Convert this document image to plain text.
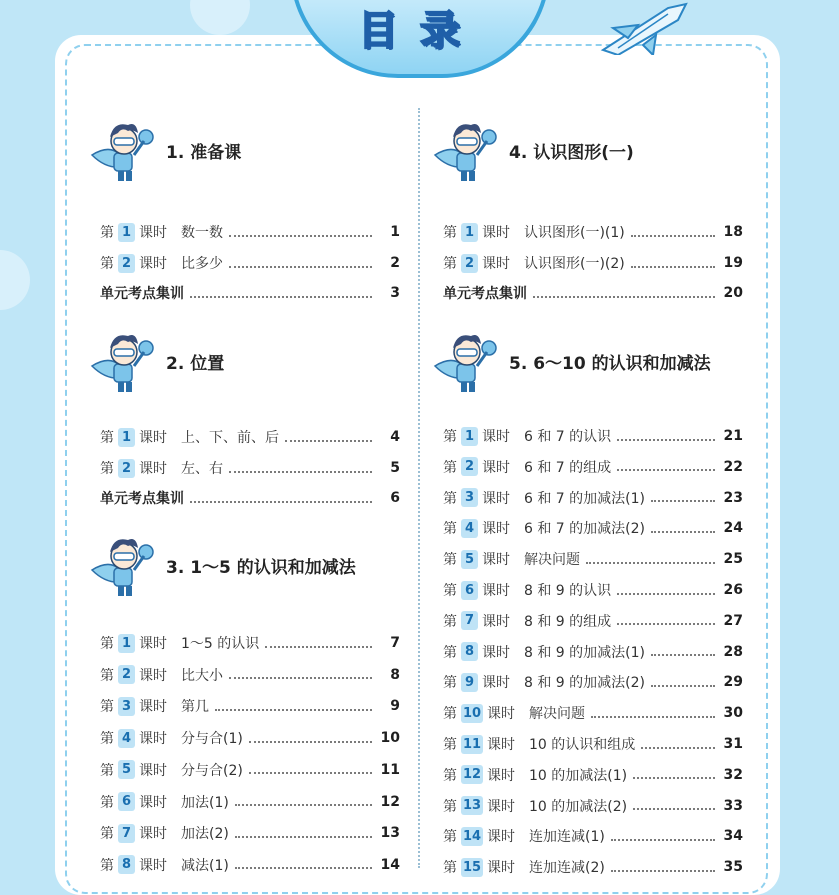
目录
1. 准备课
第 1 课时 数一数	1
第 2 课时 比多少	2
单元考点集训	3
2. 位置
第 1 课时 上、下、前、后	4
第 2 课时 左、右	5
单元考点集训	6
3. 1～5 的认识和加减法
第 1 课时 1～5 的认识	7
第 2 课时 比大小	8
第 3 课时 第几	9
第 4 课时 分与合(1)	10
第 5 课时 分与合(2)	11
第 6 课时 加法(1)	12
第 7 课时 加法(2)	13
第 8 课时 减法(1)	14
4. 认识图形(一)
第 1 课时 认识图形(一)(1)	18
第 2 课时 认识图形(一)(2)	19
单元考点集训	20
5. 6～10 的认识和加减法
第 1 课时 6 和 7 的认识	21
第 2 课时 6 和 7 的组成	22
第 3 课时 6 和 7 的加减法(1)	23
第 4 课时 6 和 7 的加减法(2)	24
第 5 课时 解决问题	25
第 6 课时 8 和 9 的认识	26
第 7 课时 8 和 9 的组成	27
第 8 课时 8 和 9 的加减法(1)	28
第 9 课时 8 和 9 的加减法(2)	29
第 10 课时 解决问题	30
第 11 课时 10 的认识和组成	31
第 12 课时 10 的加减法(1)	32
第 13 课时 10 的加减法(2)	33
第 14 课时 连加连减(1)	34
第 15 课时 连加连减(2)	35
